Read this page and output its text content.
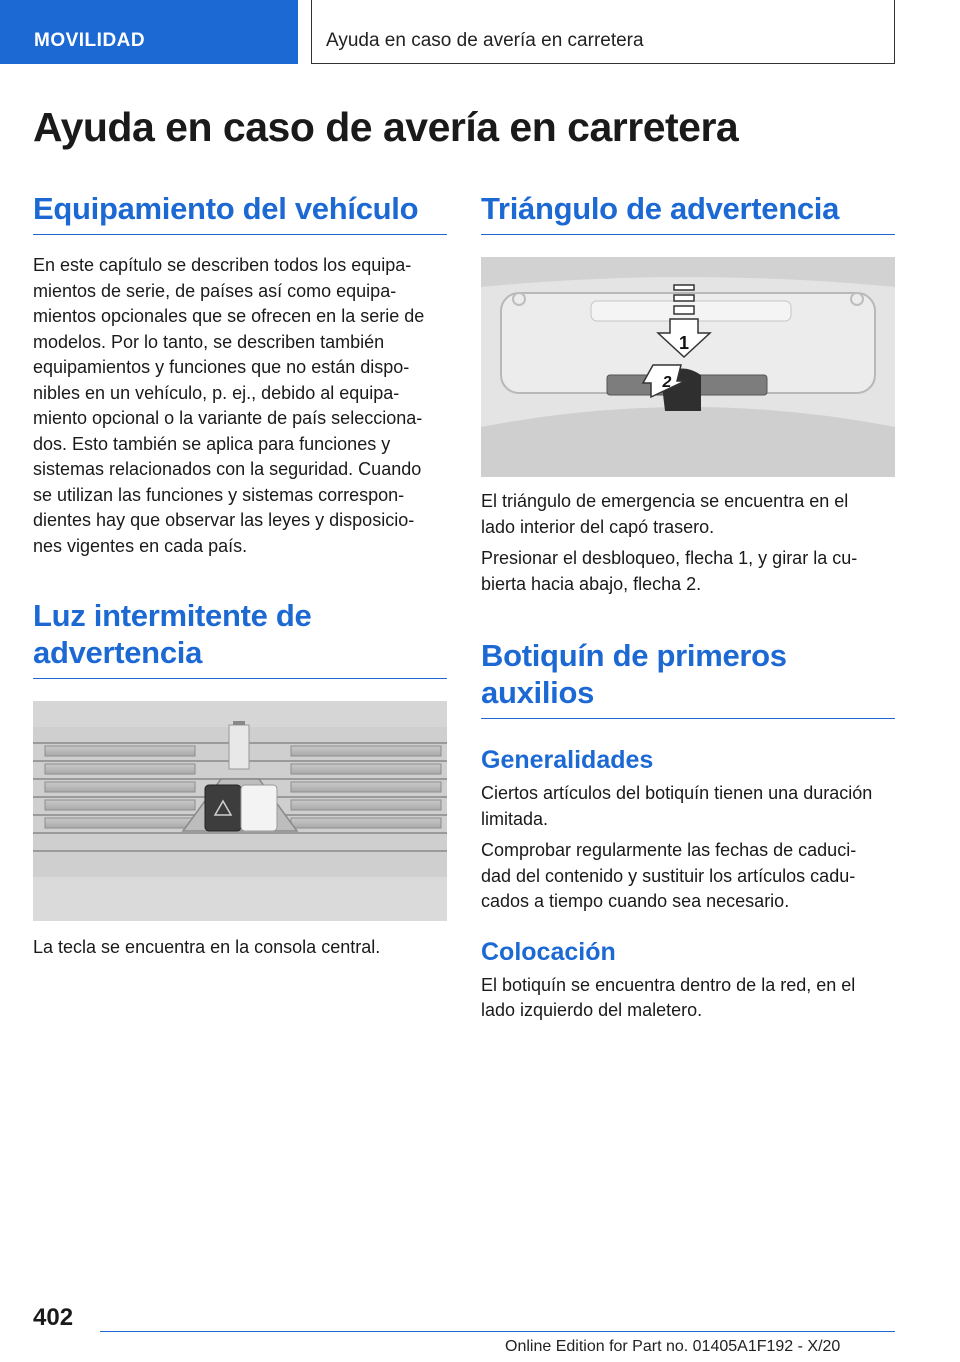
MOVILIDAD	Ayuda en caso de avería en carretera
Ayuda en caso de avería en carretera
Equipamiento del vehículo

En este capítulo se describen todos los equipa‐
mientos de serie, de países así como equipa‐
mientos opcionales que se ofrecen en la serie de
modelos. Por lo tanto, se describen también
equipamientos y funciones que no están dispo‐
nibles en un vehículo, p. ej., debido al equipa‐
miento opcional o la variante de país selecciona‐
dos. Esto también se aplica para funciones y
sistemas relacionados con la seguridad. Cuando
se utilizan las funciones y sistemas correspon‐
dientes hay que observar las leyes y disposicio‐
nes vigentes en cada país.

Luz intermitente de
advertencia

La tecla se encuentra en la consola central.

Triángulo de advertencia
1
2

El triángulo de emergencia se encuentra en el
lado interior del capó trasero.

Presionar el desbloqueo, flecha 1, y girar la cu‐
bierta hacia abajo, flecha 2.

Botiquín de primeros
auxilios
Generalidades

Ciertos artículos del botiquín tienen una duración
limitada.

Comprobar regularmente las fechas de caduci‐
dad del contenido y sustituir los artículos cadu‐
cados a tiempo cuando sea necesario.

Colocación

El botiquín se encuentra dentro de la red, en el
lado izquierdo del maletero.

402
Online Edition for Part no. 01405A1F192 - X/20
